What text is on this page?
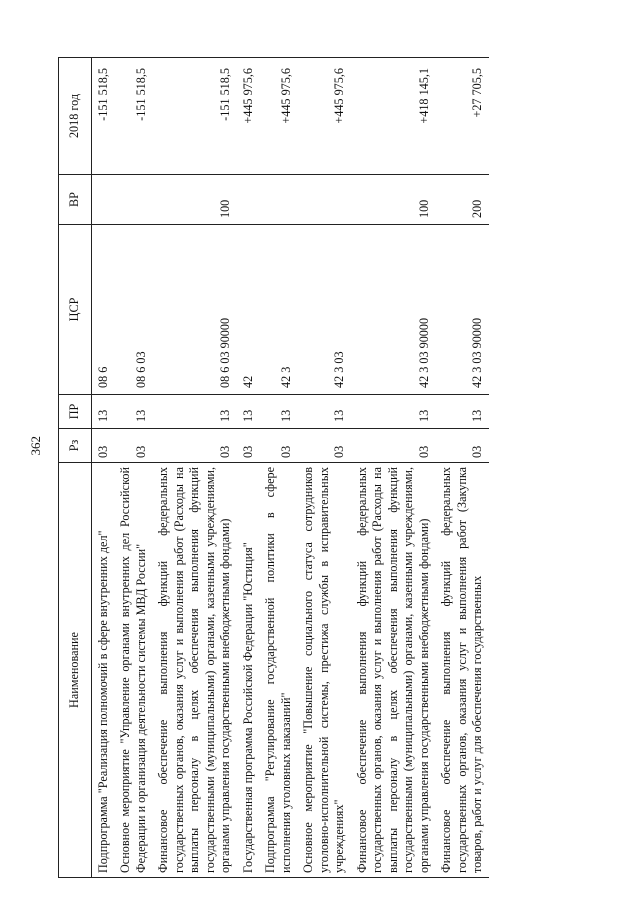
362
Наименование	Рз	ПР	ЦСР	ВР	2018 год
Подпрограмма "Реализация полномочий в сфере внутренних дел"	03	13	08 6		-151 518,5
Основное мероприятие "Управление органами внутренних дел Российской Федерации и организация деятельности системы МВД России"	03	13	08 6 03		-151 518,5
Финансовое обеспечение выполнения функций федеральных государственных органов, оказания услуг и выполнения работ (Расходы на выплаты персоналу в целях обеспечения выполнения функций государственными (муниципальными) органами, казенными учреждениями, органами управления государственными внебюджетными фондами)	03	13	08 6 03 90000	100	-151 518,5
Государственная программа Российской Федерации "Юстиция"	03	13	42		+445 975,6
Подпрограмма "Регулирование государственной политики в сфере исполнения уголовных наказаний"	03	13	42 3		+445 975,6
Основное мероприятие "Повышение социального статуса сотрудников уголовно-исполнительной системы, престижа службы в исправительных учреждениях"	03	13	42 3 03		+445 975,6
Финансовое обеспечение выполнения функций федеральных государственных органов, оказания услуг и выполнения работ (Расходы на выплаты персоналу в целях обеспечения выполнения функций государственными (муниципальными) органами, казенными учреждениями, органами управления государственными внебюджетными фондами)	03	13	42 3 03 90000	100	+418 145,1
Финансовое обеспечение выполнения функций федеральных государственных органов, оказания услуг и выполнения работ (Закупка товаров, работ и услуг для обеспечения государственных	03	13	42 3 03 90000	200	+27 705,5
